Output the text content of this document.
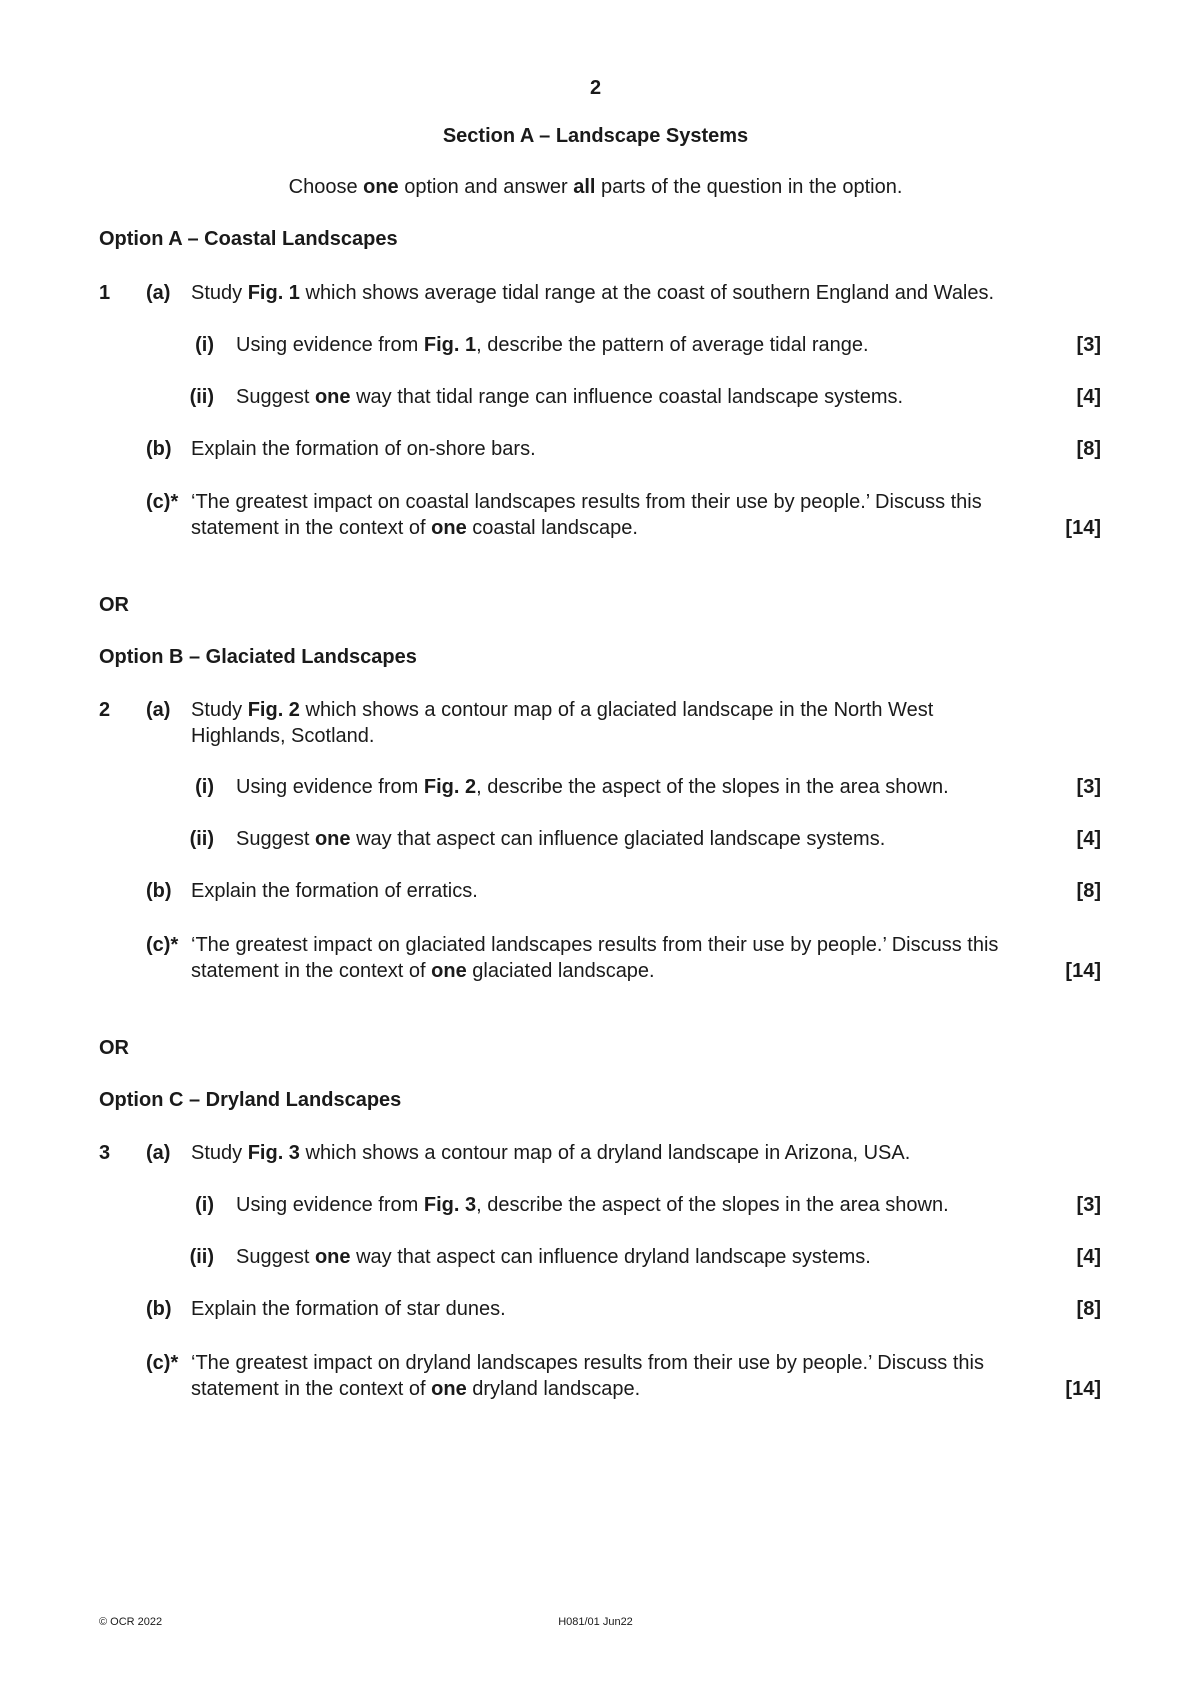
2
Section A – Landscape Systems
Choose one option and answer all parts of the question in the option.
Option A – Coastal Landscapes
1 (a) Study Fig. 1 which shows average tidal range at the coast of southern England and Wales.
(i) Using evidence from Fig. 1, describe the pattern of average tidal range.	[3]
(ii) Suggest one way that tidal range can influence coastal landscape systems.	[4]
(b) Explain the formation of on-shore bars.	[8]
(c)* ‘The greatest impact on coastal landscapes results from their use by people.’ Discuss this
statement in the context of one coastal landscape.	[14]
OR
Option B – Glaciated Landscapes
2 (a) Study Fig. 2 which shows a contour map of a glaciated landscape in the North West
Highlands, Scotland.
(i) Using evidence from Fig. 2, describe the aspect of the slopes in the area shown.	[3]
(ii) Suggest one way that aspect can influence glaciated landscape systems.	[4]
(b) Explain the formation of erratics.	[8]
(c)* ‘The greatest impact on glaciated landscapes results from their use by people.’ Discuss this
statement in the context of one glaciated landscape.	[14]
OR
Option C – Dryland Landscapes
3 (a) Study Fig. 3 which shows a contour map of a dryland landscape in Arizona, USA.
(i) Using evidence from Fig. 3, describe the aspect of the slopes in the area shown.	[3]
(ii) Suggest one way that aspect can influence dryland landscape systems.	[4]
(b) Explain the formation of star dunes.	[8]
(c)* ‘The greatest impact on dryland landscapes results from their use by people.’ Discuss this
statement in the context of one dryland landscape.	[14]
© OCR 2022	H081/01 Jun22
